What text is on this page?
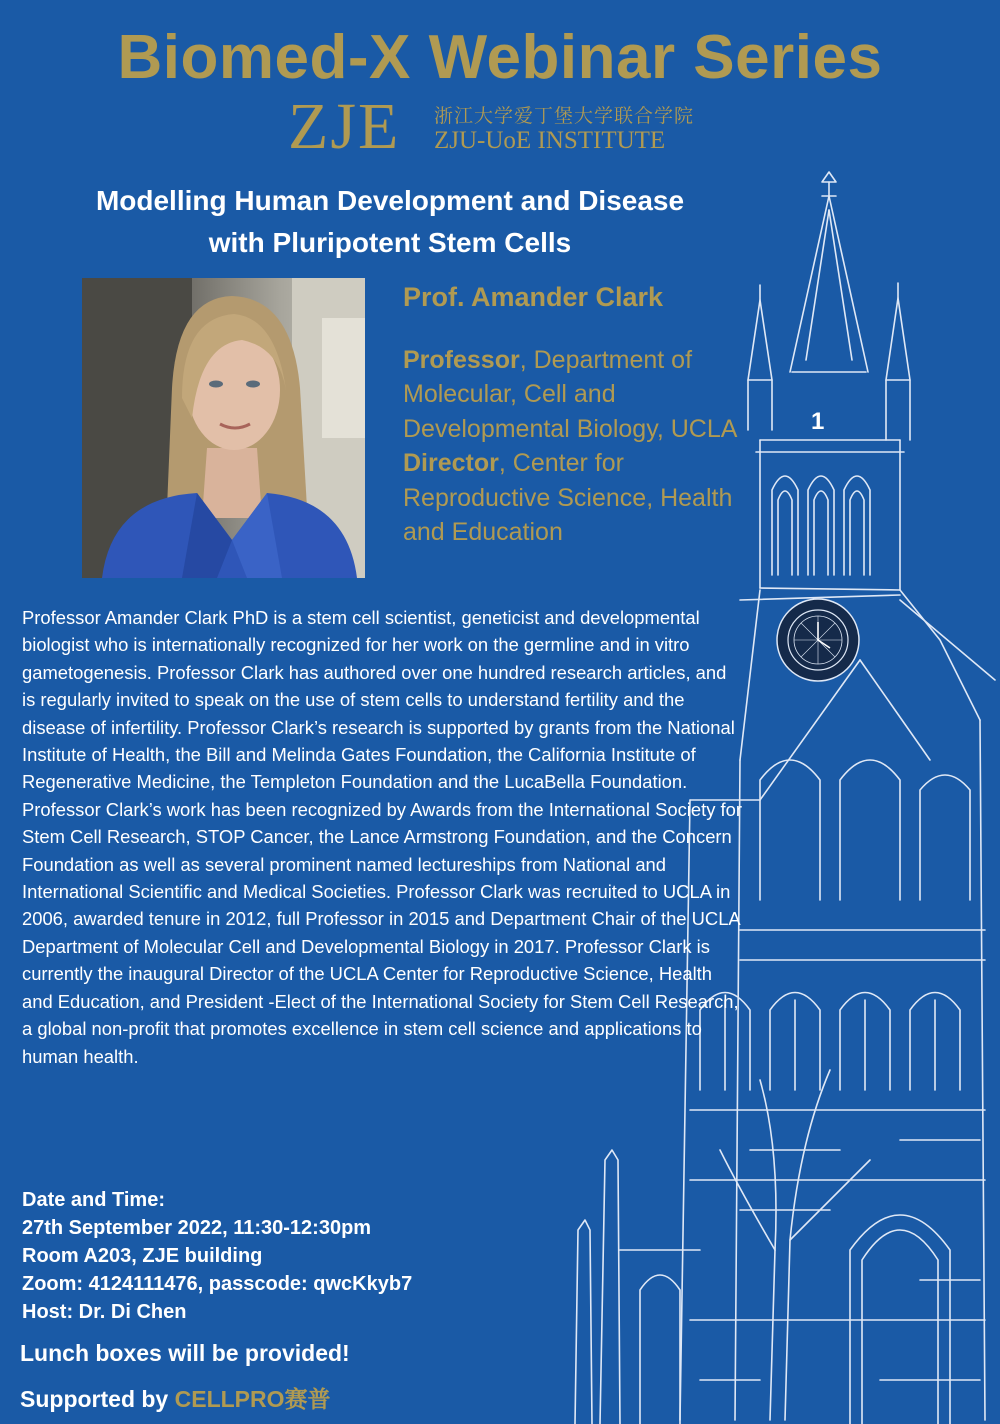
1
Biomed-X Webinar Series
ZJE 浙江大学爱丁堡大学联合学院
ZJU-UoE INSTITUTE
Modelling Human Development and Disease
with Pluripotent Stem Cells
Prof. Amander Clark
Professor, Department of Molecular, Cell and Developmental Biology, UCLA
Director, Center for Reproductive Science, Health and Education
Professor Amander Clark PhD is a stem cell scientist, geneticist and developmental biologist who is internationally recognized for her work on the germline and in vitro gametogenesis. Professor Clark has authored over one hundred research articles, and is regularly invited to speak on the use of stem cells to understand fertility and the disease of infertility. Professor Clark’s research is supported by grants from the National Institute of Health, the Bill and Melinda Gates Foundation, the California Institute of Regenerative Medicine, the Templeton Foundation and the LucaBella Foundation. Professor Clark’s work has been recognized by Awards from the International Society for Stem Cell Research, STOP Cancer, the Lance Armstrong Foundation, and the Concern Foundation as well as several prominent named lectureships from National and International Scientific and Medical Societies. Professor Clark was recruited to UCLA in 2006, awarded tenure in 2012, full Professor in 2015 and Department Chair of the UCLA Department of Molecular Cell and Developmental Biology in 2017. Professor Clark is currently the inaugural Director of the UCLA Center for Reproductive Science, Health and Education, and President -Elect of the International Society for Stem Cell Research, a global non-profit that promotes excellence in stem cell science and applications to human health.
Date and Time:
27th September 2022, 11:30-12:30pm
Room A203, ZJE building
Zoom: 4124111476, passcode: qwcKkyb7
Host: Dr. Di Chen
Lunch boxes will be provided!
Supported by CELLPRO赛普
